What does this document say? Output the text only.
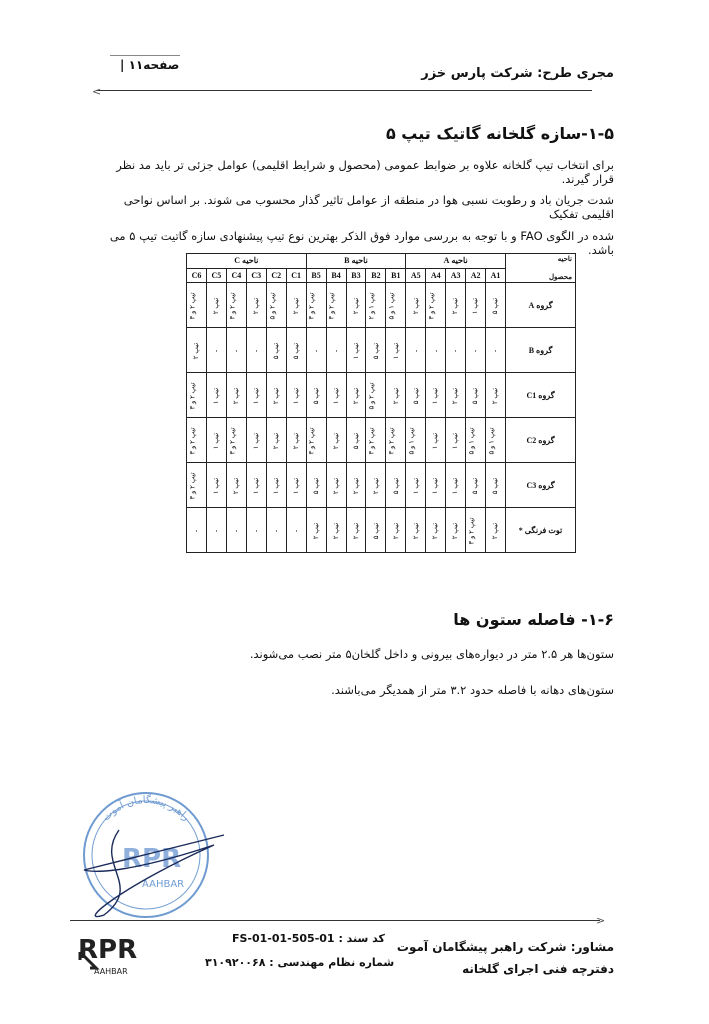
صفحه۱۱ |
مجری طرح: شرکت پارس خزر
<
۱-۵-سازه گلخانه گاتیک تیپ ۵
برای انتخاب تیپ گلخانه علاوه بر ضوابط عمومی (محصول و شرایط اقلیمی) عوامل جزئی تر باید مد نظر قرار گیرند.
شدت جریان باد و رطوبت نسبی هوا در منطقه از عوامل تاثیر گذار محسوب می شوند. بر اساس نواحی اقلیمی تفکیک
شده در الگوی FAO و با توجه به بررسی موارد فوق الذکر بهترین نوع تیپ پیشنهادی سازه گاتیت تیپ ۵ می باشد.
ناحیه
محصول	ناحیه A					ناحیه B					ناحیه C					
	A1	A2	A3	A4	A5	B1	B2	B3	B4	B5	C1	C2	C3	C4	C5	C6
گروه A	تیپ ۵	تیپ ۱	تیپ ۲	تیپ ۲ و ۳	تیپ ۲	تیپ ۱ و ۵	تیپ ۱ و ۲	تیپ ۲	تیپ ۲ و ۳	تیپ ۲ و ۳	تیپ ۲	تیپ ۲ و ۵	تیپ ۲	تیپ ۲ و ۳	تیپ ۲	تیپ ۲ و ۳
گروه B	-	-	-	-	-	تیپ ۱	تیپ ۵	تیپ ۱	-	-	تیپ ۵	تیپ ۵	-	-	-	تیپ ۲
گروه C1	تیپ ۲	تیپ ۵	تیپ ۲	تیپ ۱	تیپ ۵	تیپ ۲	تیپ ۲ و ۵	تیپ ۲	تیپ ۱	تیپ ۵	تیپ ۱	تیپ ۲	تیپ ۱	تیپ ۲	تیپ ۱	تیپ ۲ و ۳
گروه C2	تیپ ۱ و ۵	تیپ ۱ و ۵	تیپ ۱	تیپ ۱	تیپ ۱ و ۵	تیپ ۲ و ۳	تیپ ۲ و ۳	تیپ ۵	تیپ ۲	تیپ ۲ و ۳	تیپ ۲	تیپ ۲	تیپ ۱	تیپ ۲ و ۳	تیپ ۱	تیپ ۲ و ۳
گروه C3	تیپ ۵	تیپ ۵	تیپ ۱	تیپ ۱	تیپ ۱	تیپ ۵	تیپ ۲	تیپ ۲	تیپ ۲	تیپ ۵	تیپ ۱	تیپ ۱	تیپ ۱	تیپ ۲	تیپ ۱	تیپ ۲ و ۳
توت فرنگی *	تیپ ۲	تیپ ۲ و ۳	تیپ ۲	تیپ ۲	تیپ ۲	تیپ ۲	تیپ ۵	تیپ ۲	تیپ ۲	تیپ ۲	-	-	-	-	-	-
۱-۶- فاصله ستون ها
ستون‌ها هر ۲.۵ متر در دیواره‌های بیرونی و داخل گلخان۵ متر نصب می‌شوند.
ستون‌های دهانه با فاصله حدود ۳.۲ متر از همدیگر می‌باشند.
راهبر پیشگامان آموت
RPR
AAHBAR
>
RPR
AAHBAR
کد سند : FS-01-01-505-01
شماره نظام مهندسی : ۳۱۰۹۲۰۰۶۸
مشاور: شرکت راهبر پیشگامان آموت
دفترچه فنی اجرای گلخانه
